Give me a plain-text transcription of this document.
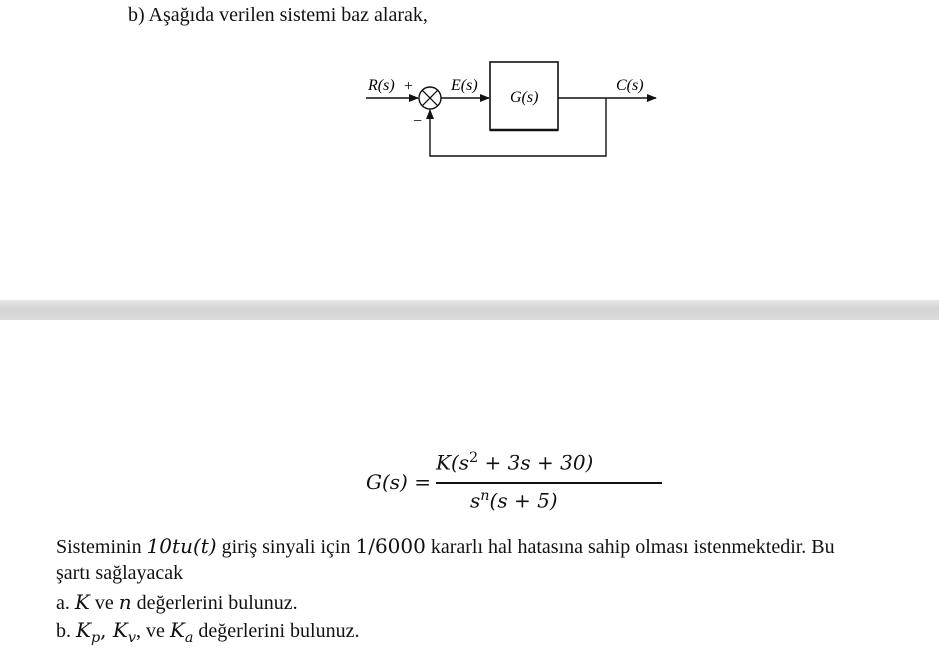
b) Aşağıda verilen sistemi baz alarak,
R(s) +
−
E(s)
G(s)
C(s)
G(s) =
$K(s^2 + 3s + 30)$
$s^n(s + 5)$
Sisteminin 10tu(t) giriş sinyali için 1/6000 kararlı hal hatasına sahip olması istenmektedir. Bu
şartı sağlayacak
a. K ve n değerlerini bulunuz.
b. $K_p$, $K_v$, ve $K_a$ değerlerini bulunuz.
